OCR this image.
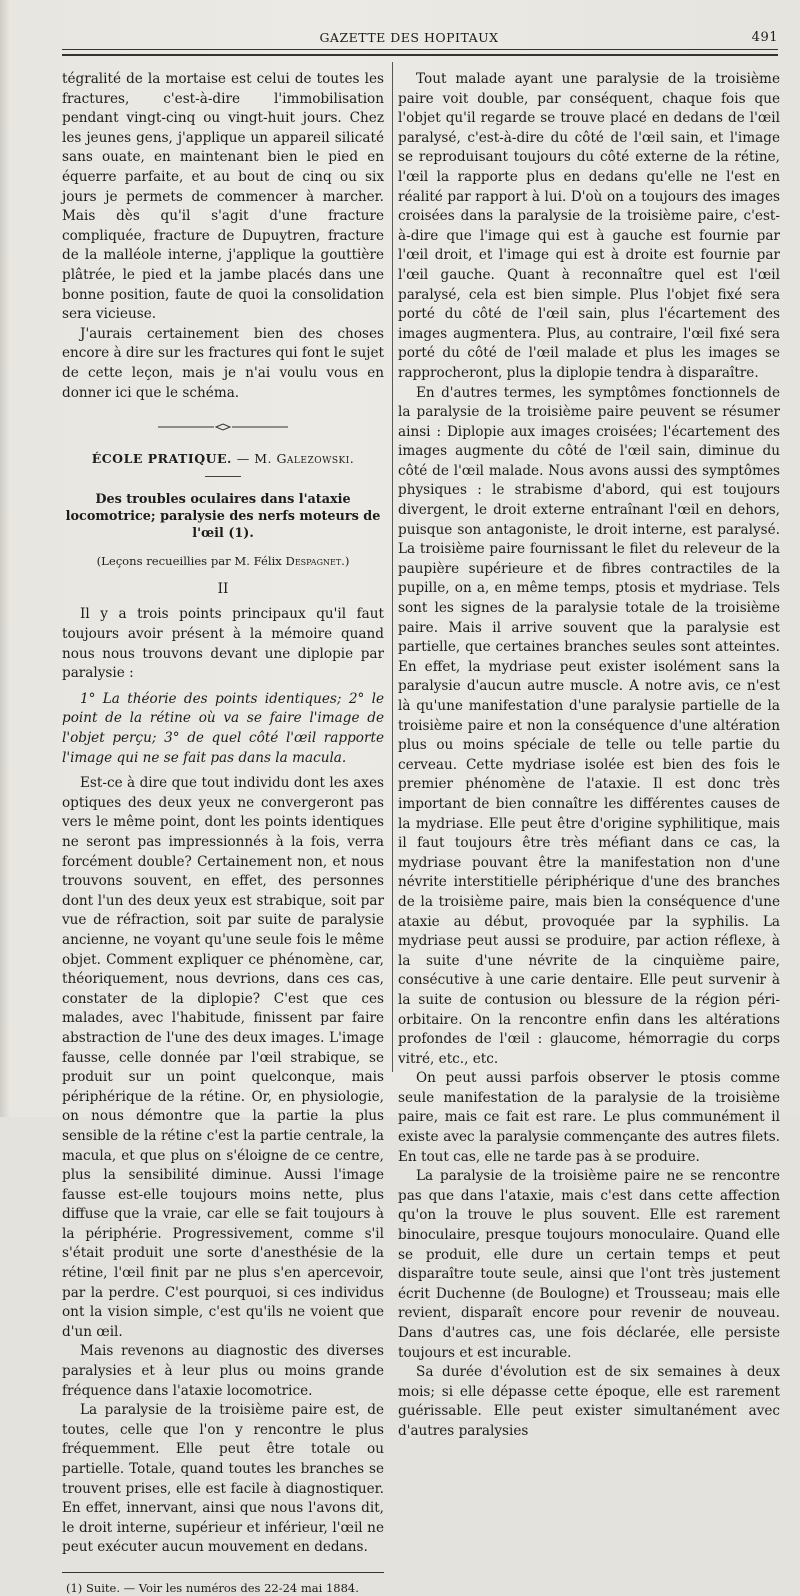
GAZETTE DES HOPITAUX	491

tégralité de la mortaise est celui de toutes les fractures, c'est-à-dire l'immobilisation pendant vingt-cinq ou vingt-huit jours. Chez les jeunes gens, j'applique un appareil silicaté sans ouate, en maintenant bien le pied en équerre parfaite, et au bout de cinq ou six jours je permets de commencer à marcher. Mais dès qu'il s'agit d'une fracture compliquée, fracture de Dupuytren, fracture de la malléole interne, j'applique la gouttière plâtrée, le pied et la jambe placés dans une bonne position, faute de quoi la consolidation sera vicieuse.

J'aurais certainement bien des choses encore à dire sur les fractures qui font le sujet de cette leçon, mais je n'ai voulu vous en donner ici que le schéma.

ÉCOLE PRATIQUE. — M. Galezowski.
Des troubles oculaires dans l'ataxie locomotrice; paralysie des nerfs moteurs de l'œil (1).
(Leçons recueillies par M. Félix Despagnet.)
II

Il y a trois points principaux qu'il faut toujours avoir présent à la mémoire quand nous nous trouvons devant une diplopie par paralysie :

1° La théorie des points identiques; 2° le point de la rétine où va se faire l'image de l'objet perçu; 3° de quel côté l'œil rapporte l'image qui ne se fait pas dans la macula.

Est-ce à dire que tout individu dont les axes optiques des deux yeux ne convergeront pas vers le même point, dont les points identiques ne seront pas impressionnés à la fois, verra forcément double? Certainement non, et nous trouvons souvent, en effet, des personnes dont l'un des deux yeux est strabique, soit par vue de réfraction, soit par suite de paralysie ancienne, ne voyant qu'une seule fois le même objet. Comment expliquer ce phénomène, car, théoriquement, nous devrions, dans ces cas, constater de la diplopie? C'est que ces malades, avec l'habitude, finissent par faire abstraction de l'une des deux images. L'image fausse, celle donnée par l'œil strabique, se produit sur un point quelconque, mais périphérique de la rétine. Or, en physiologie, on nous démontre que la partie la plus sensible de la rétine c'est la partie centrale, la macula, et que plus on s'éloigne de ce centre, plus la sensibilité diminue. Aussi l'image fausse est-elle toujours moins nette, plus diffuse que la vraie, car elle se fait toujours à la périphérie. Progressivement, comme s'il s'était produit une sorte d'anesthésie de la rétine, l'œil finit par ne plus s'en apercevoir, par la perdre. C'est pourquoi, si ces individus ont la vision simple, c'est qu'ils ne voient que d'un œil.

Mais revenons au diagnostic des diverses paralysies et à leur plus ou moins grande fréquence dans l'ataxie locomotrice.

La paralysie de la troisième paire est, de toutes, celle que l'on y rencontre le plus fréquemment. Elle peut être totale ou partielle. Totale, quand toutes les branches se trouvent prises, elle est facile à diagnostiquer. En effet, innervant, ainsi que nous l'avons dit, le droit interne, supérieur et inférieur, l'œil ne peut exécuter aucun mouvement en dedans.

(1) Suite. — Voir les numéros des 22-24 mai 1884.

Tout malade ayant une paralysie de la troisième paire voit double, par conséquent, chaque fois que l'objet qu'il regarde se trouve placé en dedans de l'œil paralysé, c'est-à-dire du côté de l'œil sain, et l'image se reproduisant toujours du côté externe de la rétine, l'œil la rapporte plus en dedans qu'elle ne l'est en réalité par rapport à lui. D'où on a toujours des images croisées dans la paralysie de la troisième paire, c'est-à-dire que l'image qui est à gauche est fournie par l'œil droit, et l'image qui est à droite est fournie par l'œil gauche. Quant à reconnaître quel est l'œil paralysé, cela est bien simple. Plus l'objet fixé sera porté du côté de l'œil sain, plus l'écartement des images augmentera. Plus, au contraire, l'œil fixé sera porté du côté de l'œil malade et plus les images se rapprocheront, plus la diplopie tendra à disparaître.

En d'autres termes, les symptômes fonctionnels de la paralysie de la troisième paire peuvent se résumer ainsi : Diplopie aux images croisées; l'écartement des images augmente du côté de l'œil sain, diminue du côté de l'œil malade. Nous avons aussi des symptômes physiques : le strabisme d'abord, qui est toujours divergent, le droit externe entraînant l'œil en dehors, puisque son antagoniste, le droit interne, est paralysé. La troisième paire fournissant le filet du releveur de la paupière supérieure et de fibres contractiles de la pupille, on a, en même temps, ptosis et mydriase. Tels sont les signes de la paralysie totale de la troisième paire. Mais il arrive souvent que la paralysie est partielle, que certaines branches seules sont atteintes. En effet, la mydriase peut exister isolément sans la paralysie d'aucun autre muscle. A notre avis, ce n'est là qu'une manifestation d'une paralysie partielle de la troisième paire et non la conséquence d'une altération plus ou moins spéciale de telle ou telle partie du cerveau. Cette mydriase isolée est bien des fois le premier phénomène de l'ataxie. Il est donc très important de bien connaître les différentes causes de la mydriase. Elle peut être d'origine syphilitique, mais il faut toujours être très méfiant dans ce cas, la mydriase pouvant être la manifestation non d'une névrite interstitielle périphérique d'une des branches de la troisième paire, mais bien la conséquence d'une ataxie au début, provoquée par la syphilis. La mydriase peut aussi se produire, par action réflexe, à la suite d'une névrite de la cinquième paire, consécutive à une carie dentaire. Elle peut survenir à la suite de contusion ou blessure de la région péri-orbitaire. On la rencontre enfin dans les altérations profondes de l'œil : glaucome, hémorragie du corps vitré, etc., etc.

On peut aussi parfois observer le ptosis comme seule manifestation de la paralysie de la troisième paire, mais ce fait est rare. Le plus communément il existe avec la paralysie commençante des autres filets. En tout cas, elle ne tarde pas à se produire.

La paralysie de la troisième paire ne se rencontre pas que dans l'ataxie, mais c'est dans cette affection qu'on la trouve le plus souvent. Elle est rarement binoculaire, presque toujours monoculaire. Quand elle se produit, elle dure un certain temps et peut disparaître toute seule, ainsi que l'ont très justement écrit Duchenne (de Boulogne) et Trousseau; mais elle revient, disparaît encore pour revenir de nouveau. Dans d'autres cas, une fois déclarée, elle persiste toujours et est incurable.

Sa durée d'évolution est de six semaines à deux mois; si elle dépasse cette époque, elle est rarement guérissable. Elle peut exister simultanément avec d'autres paralysies
